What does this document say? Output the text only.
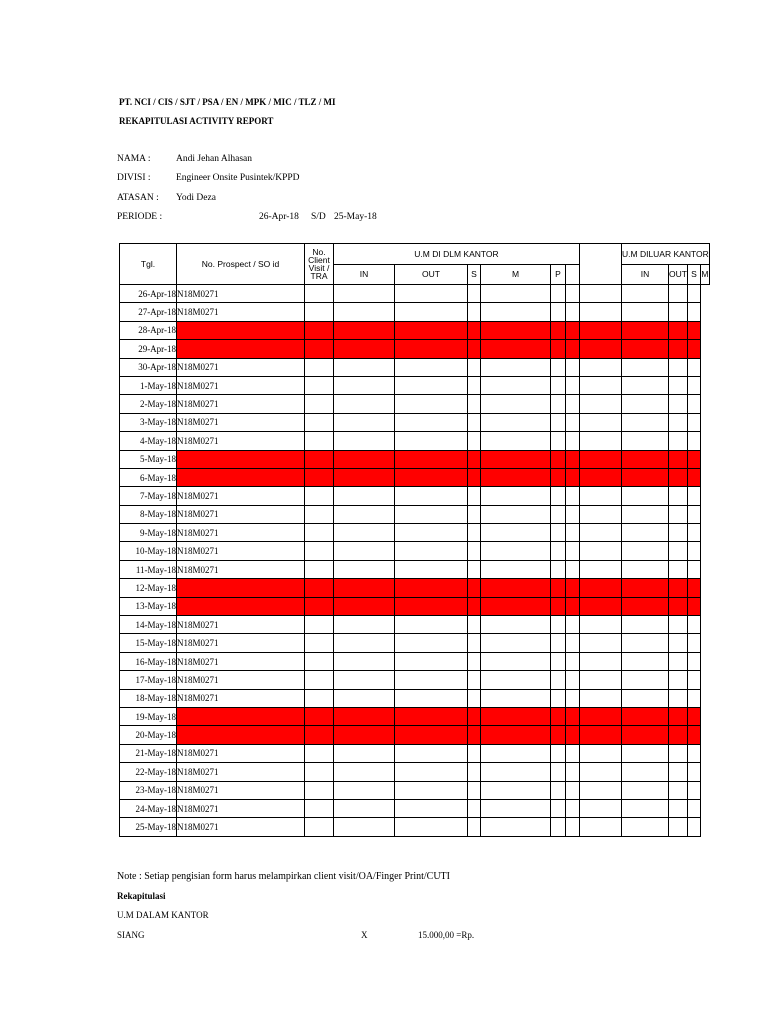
PT. NCI / CIS / SJT / PSA / EN / MPK / MIC / TLZ / MI
REKAPITULASI ACTIVITY REPORT
NAMA :	Andi Jehan Alhasan
DIVISI :	Engineer Onsite Pusintek/KPPD
ATASAN : Yodi Deza
PERIODE :	26-Apr-18 S/D 25-May-18
Tgl.	No. Prospect / SO id	No. Client Visit / TRA	U.M DI DLM KANTOR							U.M DILUAR KANTOR			
			IN	OUT	S	M	P			IN	OUT	S	M
26-Apr-18	N18M0271												
27-Apr-18	N18M0271												
28-Apr-18													
29-Apr-18													
30-Apr-18	N18M0271												
1-May-18	N18M0271												
2-May-18	N18M0271												
3-May-18	N18M0271												
4-May-18	N18M0271												
5-May-18													
6-May-18													
7-May-18	N18M0271												
8-May-18	N18M0271												
9-May-18	N18M0271												
10-May-18	N18M0271												
11-May-18	N18M0271												
12-May-18													
13-May-18													
14-May-18	N18M0271												
15-May-18	N18M0271												
16-May-18	N18M0271												
17-May-18	N18M0271												
18-May-18	N18M0271												
19-May-18													
20-May-18													
21-May-18	N18M0271												
22-May-18	N18M0271												
23-May-18	N18M0271												
24-May-18	N18M0271												
25-May-18	N18M0271												
Note : Setiap pengisian form harus melampirkan client visit/OA/Finger Print/CUTI
Rekapitulasi
U.M DALAM KANTOR
SIANG	X	15.000,00 =Rp.
